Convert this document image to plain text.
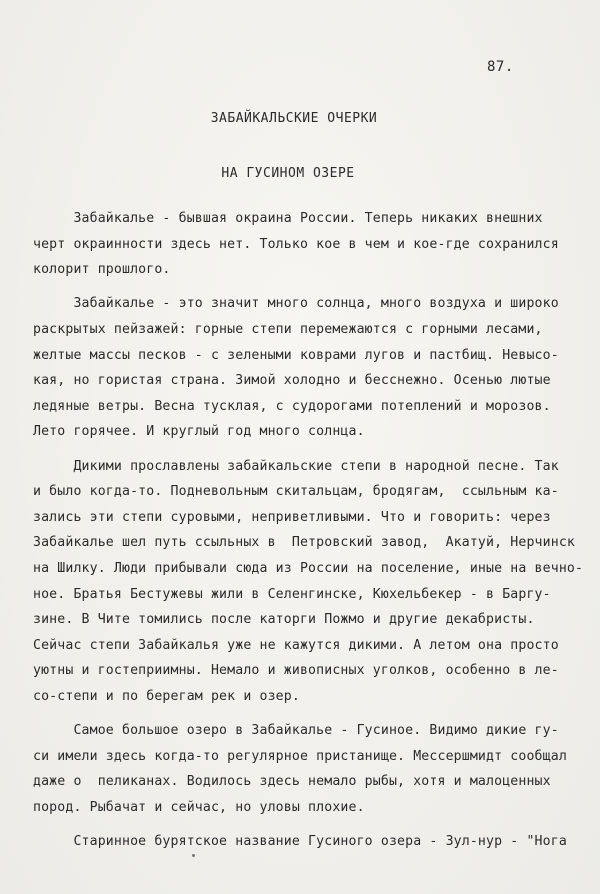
87.
ЗАБАЙКАЛЬСКИЕ ОЧЕРКИ
НА ГУСИНОМ ОЗЕРЕ
Забайкалье - бывшая окраина России. Теперь никаких внешних
черт окраинности здесь нет. Только кое в чем и кое-где сохранился
колорит прошлого.
Забайкалье - это значит много солнца, много воздуха и широко
раскрытых пейзажей: горные степи перемежаются с горными лесами,
желтые массы песков - с зелеными коврами лугов и пастбищ. Невысо-
кая, но гористая страна. Зимой холодно и бесснежно. Осенью лютые
ледяные ветры. Весна тусклая, с судорогами потеплений и морозов.
Лето горячее. И круглый год много солнца.
Дикими прославлены забайкальские степи в народной песне. Так
и было когда-то. Подневольным скитальцам, бродягам,  ссыльным ка-
зались эти степи суровыми, неприветливыми. Что и говорить: через
Забайкалье шел путь ссыльных в  Петровский завод,  Акатуй, Нерчинск
на Шилку. Люди прибывали сюда из России на поселение, иные на вечно-
ное. Братья Бестужевы жили в Селенгинске, Кюхельбекер - в Баргу-
зине. В Чите томились после каторги Пожмо и другие декабристы.
Сейчас степи Забайкалья уже не кажутся дикими. А летом она просто
уютны и гостеприимны. Немало и живописных уголков, особенно в ле-
со-степи и по берегам рек и озер.
Самое большое озеро в Забайкалье - Гусиное. Видимо дикие гу-
си имели здесь когда-то регулярное пристанище. Мессершмидт сообщал
даже о  пеликанах. Водилось здесь немало рыбы, хотя и малоценных
пород. Рыбачат и сейчас, но уловы плохие.
Старинное бурятское название Гусиного озера - Зул-нур - "Нога
